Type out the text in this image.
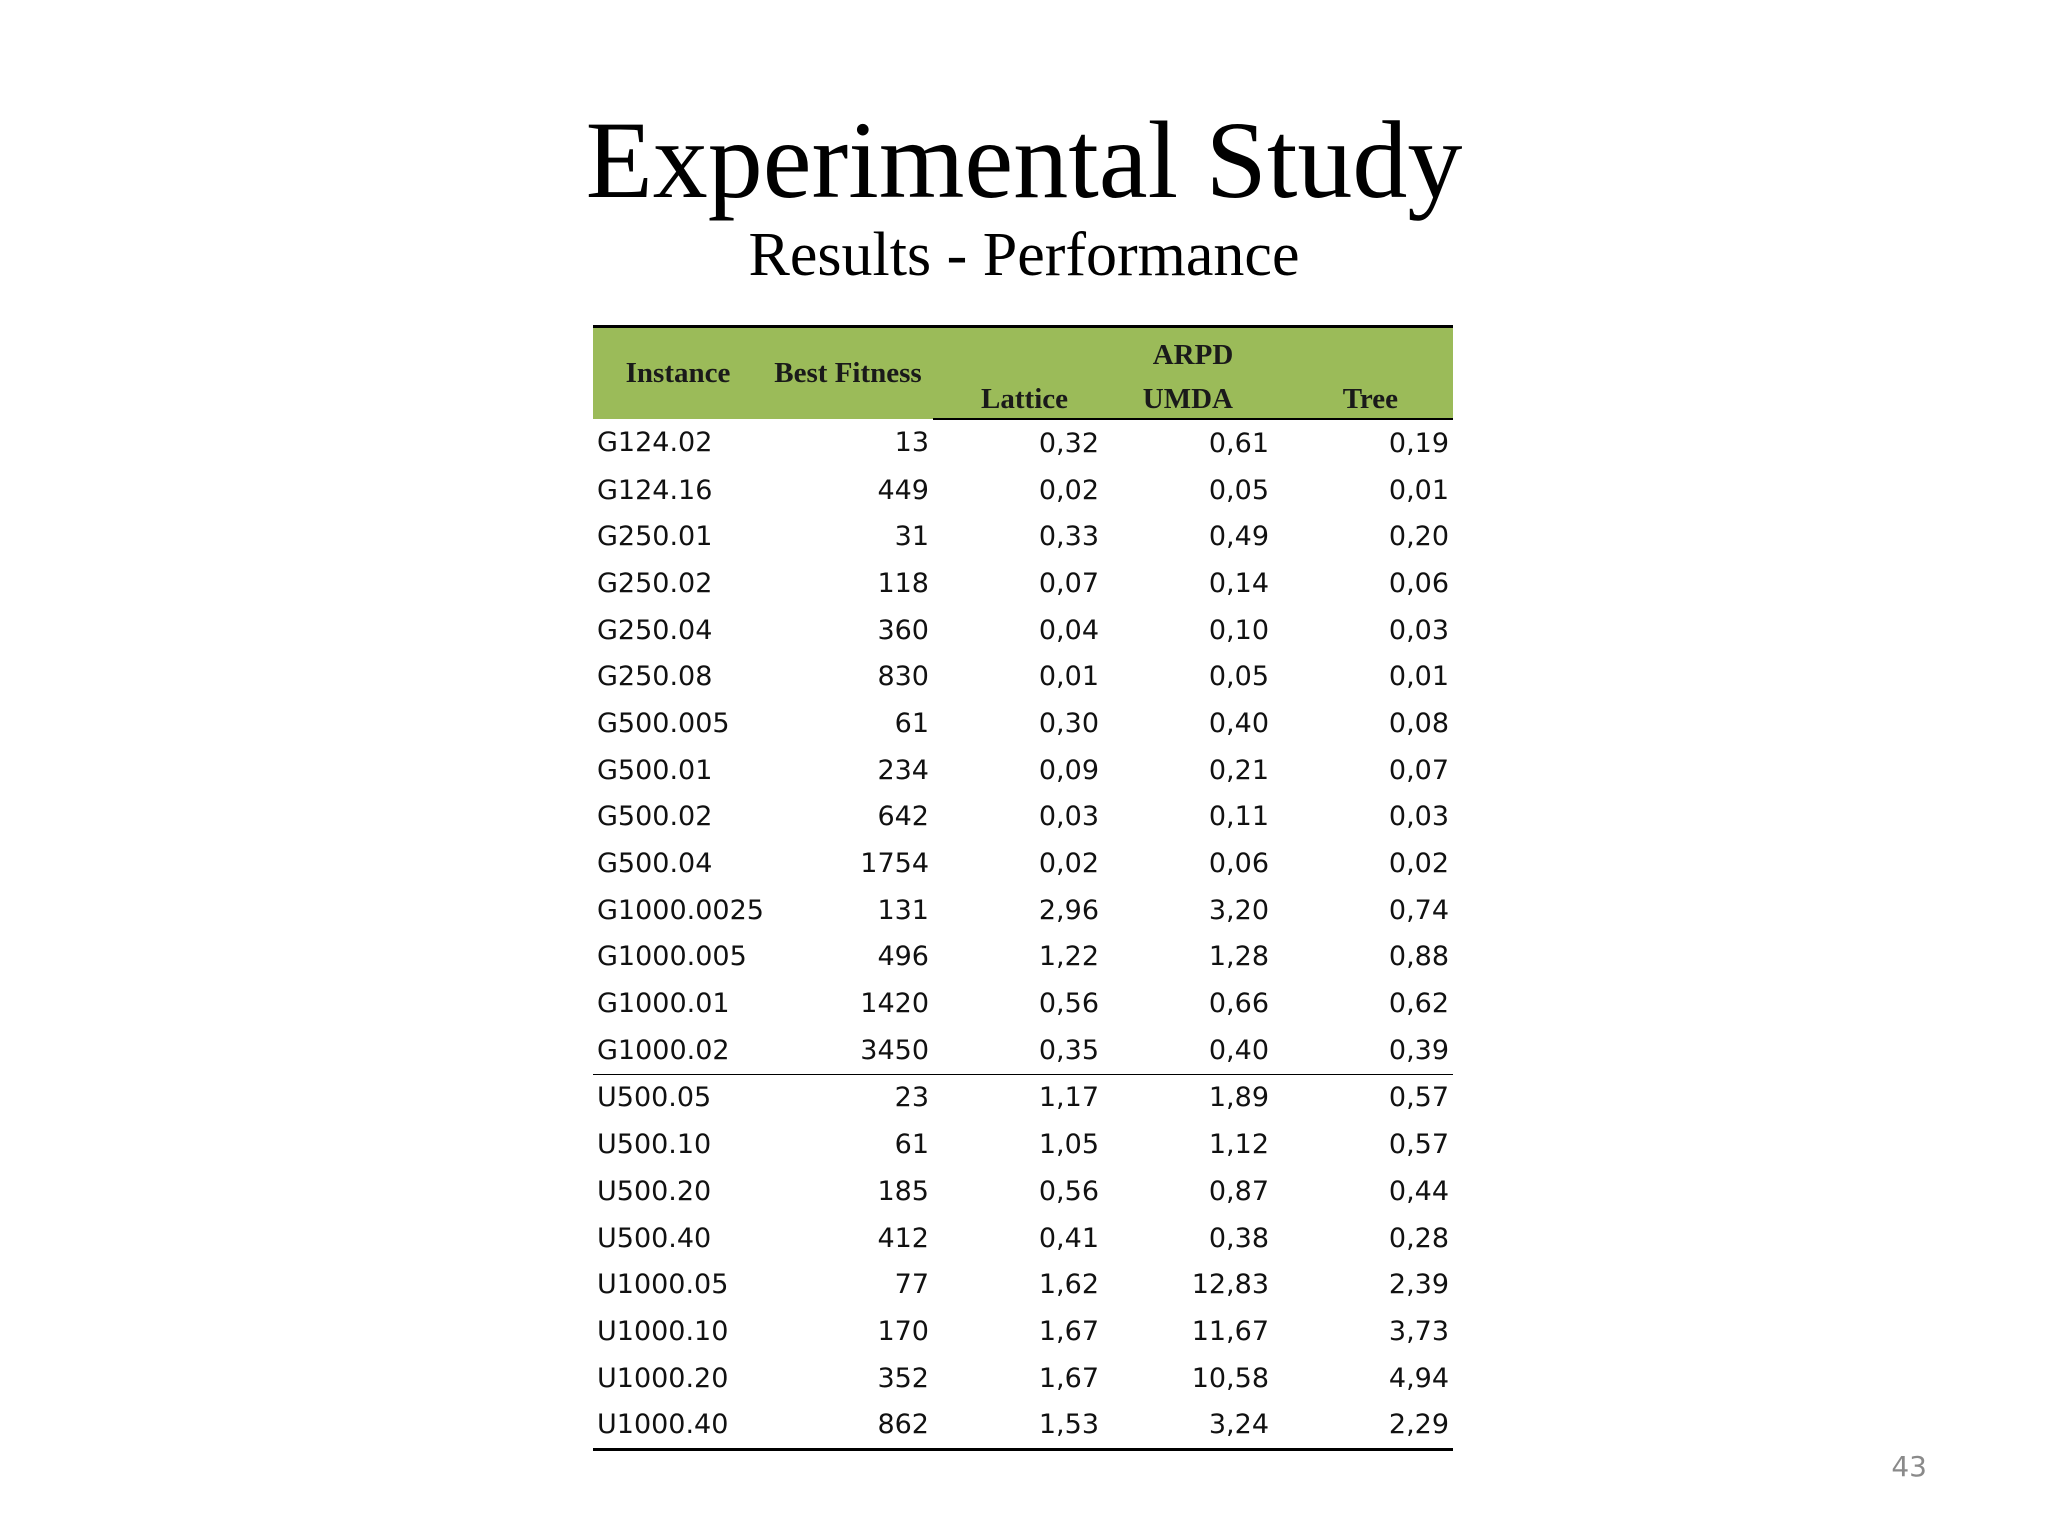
Experimental Study
Results - Performance
Instance	Best Fitness	ARPD		
		Lattice	UMDA	Tree
G124.02	13	0,32	0,61	0,19
G124.16	449	0,02	0,05	0,01
G250.01	31	0,33	0,49	0,20
G250.02	118	0,07	0,14	0,06
G250.04	360	0,04	0,10	0,03
G250.08	830	0,01	0,05	0,01
G500.005	61	0,30	0,40	0,08
G500.01	234	0,09	0,21	0,07
G500.02	642	0,03	0,11	0,03
G500.04	1754	0,02	0,06	0,02
G1000.0025	131	2,96	3,20	0,74
G1000.005	496	1,22	1,28	0,88
G1000.01	1420	0,56	0,66	0,62
G1000.02	3450	0,35	0,40	0,39
U500.05	23	1,17	1,89	0,57
U500.10	61	1,05	1,12	0,57
U500.20	185	0,56	0,87	0,44
U500.40	412	0,41	0,38	0,28
U1000.05	77	1,62	12,83	2,39
U1000.10	170	1,67	11,67	3,73
U1000.20	352	1,67	10,58	4,94
U1000.40	862	1,53	3,24	2,29
43
